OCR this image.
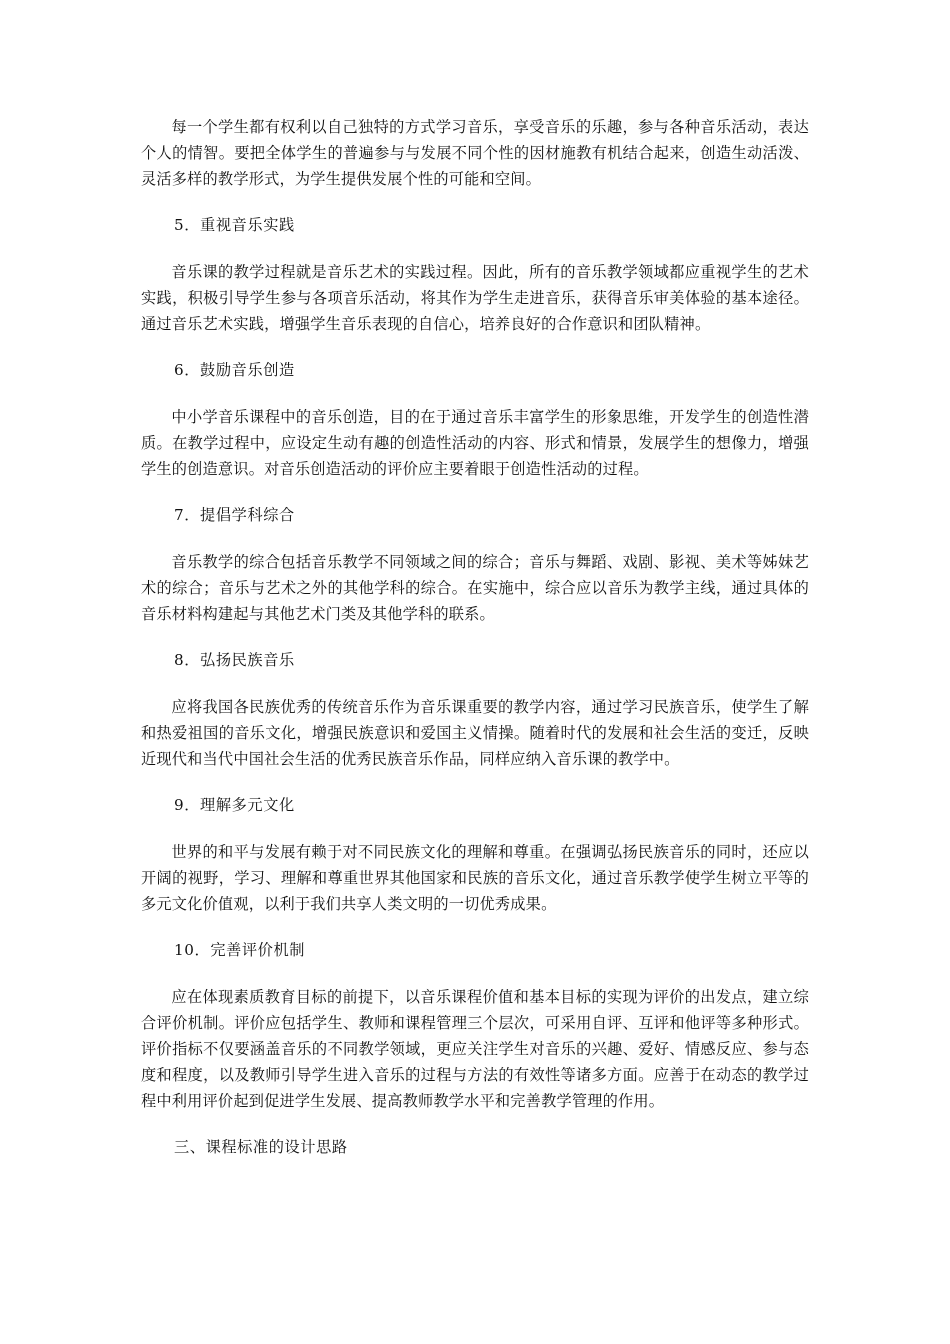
每一个学生都有权利以自己独特的方式学习音乐，享受音乐的乐趣，参与各种音乐活动，表达个人的情智。要把全体学生的普遍参与与发展不同个性的因材施教有机结合起来，创造生动活泼、灵活多样的教学形式，为学生提供发展个性的可能和空间。

5．重视音乐实践

音乐课的教学过程就是音乐艺术的实践过程。因此，所有的音乐教学领域都应重视学生的艺术实践，积极引导学生参与各项音乐活动，将其作为学生走进音乐，获得音乐审美体验的基本途径。通过音乐艺术实践，增强学生音乐表现的自信心，培养良好的合作意识和团队精神。

6．鼓励音乐创造

中小学音乐课程中的音乐创造，目的在于通过音乐丰富学生的形象思维，开发学生的创造性潜质。在教学过程中，应设定生动有趣的创造性活动的内容、形式和情景，发展学生的想像力，增强学生的创造意识。对音乐创造活动的评价应主要着眼于创造性活动的过程。

7．提倡学科综合

音乐教学的综合包括音乐教学不同领域之间的综合；音乐与舞蹈、戏剧、影视、美术等姊妹艺术的综合；音乐与艺术之外的其他学科的综合。在实施中，综合应以音乐为教学主线，通过具体的音乐材料构建起与其他艺术门类及其他学科的联系。

8．弘扬民族音乐

应将我国各民族优秀的传统音乐作为音乐课重要的教学内容，通过学习民族音乐，使学生了解和热爱祖国的音乐文化，增强民族意识和爱国主义情操。随着时代的发展和社会生活的变迁，反映近现代和当代中国社会生活的优秀民族音乐作品，同样应纳入音乐课的教学中。

9．理解多元文化

世界的和平与发展有赖于对不同民族文化的理解和尊重。在强调弘扬民族音乐的同时，还应以开阔的视野，学习、理解和尊重世界其他国家和民族的音乐文化，通过音乐教学使学生树立平等的多元文化价值观，以利于我们共享人类文明的一切优秀成果。

10．完善评价机制

应在体现素质教育目标的前提下，以音乐课程价值和基本目标的实现为评价的出发点，建立综合评价机制。评价应包括学生、教师和课程管理三个层次，可采用自评、互评和他评等多种形式。评价指标不仅要涵盖音乐的不同教学领域，更应关注学生对音乐的兴趣、爱好、情感反应、参与态度和程度，以及教师引导学生进入音乐的过程与方法的有效性等诸多方面。应善于在动态的教学过程中利用评价起到促进学生发展、提高教师教学水平和完善教学管理的作用。

三、课程标准的设计思路
